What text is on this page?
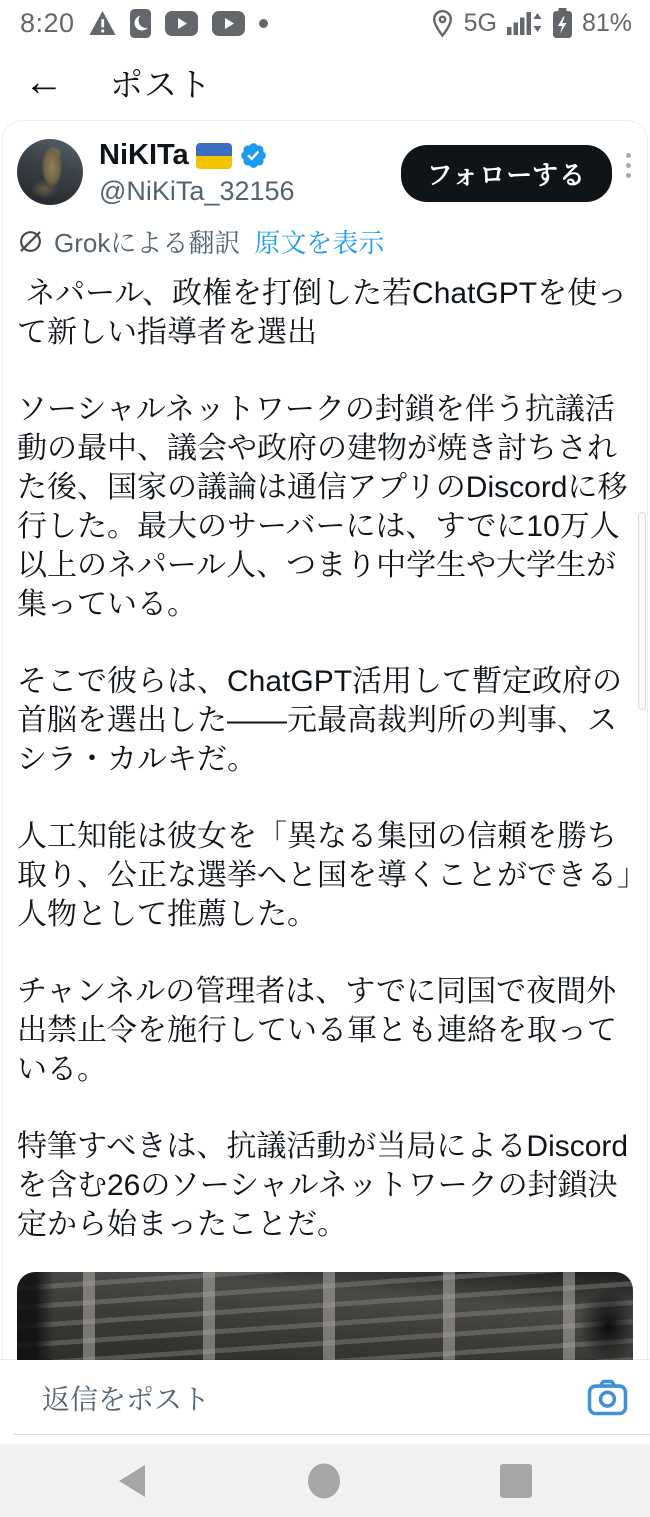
8:20	5G	81%
← ポスト
NiKITa
@NiKiTa_32156
フォローする
Grokによる翻訳 原文を表示

ネパール、政権を打倒した若ChatGPTを使って新しい指導者を選出

ソーシャルネットワークの封鎖を伴う抗議活動の最中、議会や政府の建物が焼き討ちされた後、国家の議論は通信アプリのDiscordに移行した。最大のサーバーには、すでに10万人以上のネパール人、つまり中学生や大学生が集っている。

そこで彼らは、ChatGPT活用して暫定政府の首脳を選出した——元最高裁判所の判事、スシラ・カルキだ。

人工知能は彼女を「異なる集団の信頼を勝ち取り、公正な選挙へと国を導くことができる」人物として推薦した。

チャンネルの管理者は、すでに同国で夜間外出禁止令を施行している軍とも連絡を取っている。

特筆すべきは、抗議活動が当局によるDiscordを含む26のソーシャルネットワークの封鎖決定から始まったことだ。

返信をポスト
